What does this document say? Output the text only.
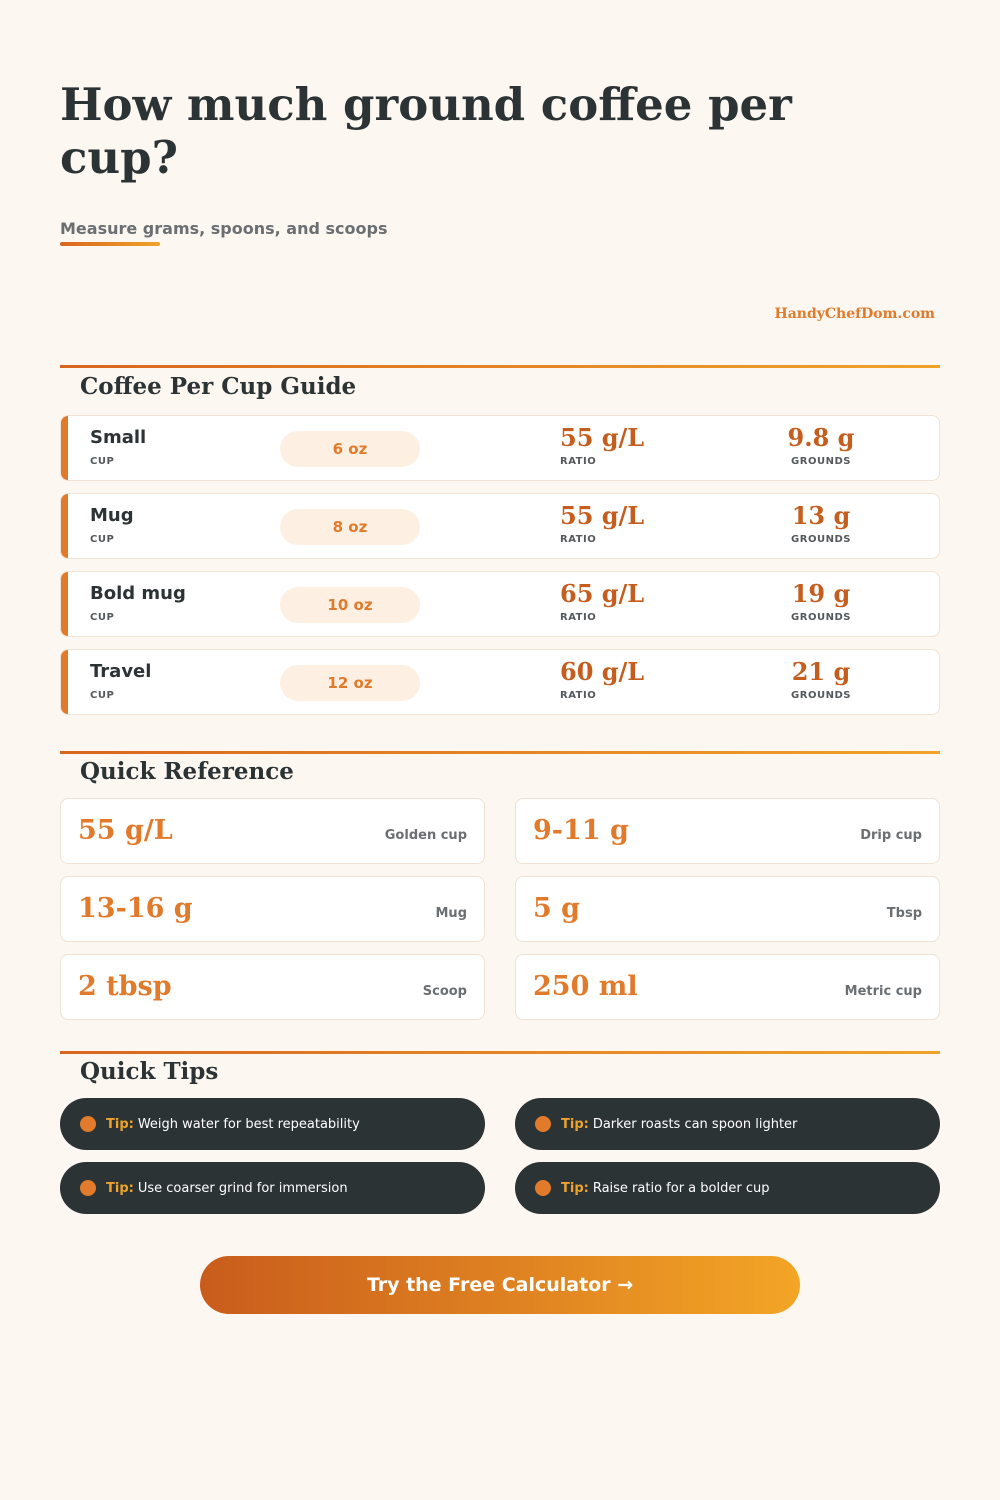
How much ground coffee per cup?
Measure grams, spoons, and scoops
HandyChefDom.com
Coffee Per Cup Guide
Small
CUP
6 oz	55 g/L
RATIO
9.8 g
GROUNDS
Mug
CUP
8 oz	55 g/L
RATIO
13 g
GROUNDS
Bold mug
CUP
10 oz	65 g/L
RATIO
19 g
GROUNDS
Travel
CUP
12 oz	60 g/L
RATIO
21 g
GROUNDS
Quick Reference
55 g/L	Golden cup 9-11 g	Drip cup
13-16 g	Mug 5 g	Tbsp
2 tbsp	Scoop 250 ml	Metric cup
Quick Tips
Tip: Weigh water for best repeatability	Tip: Darker roasts can spoon lighter
Tip: Use coarser grind for immersion	Tip: Raise ratio for a bolder cup
Try the Free Calculator →
